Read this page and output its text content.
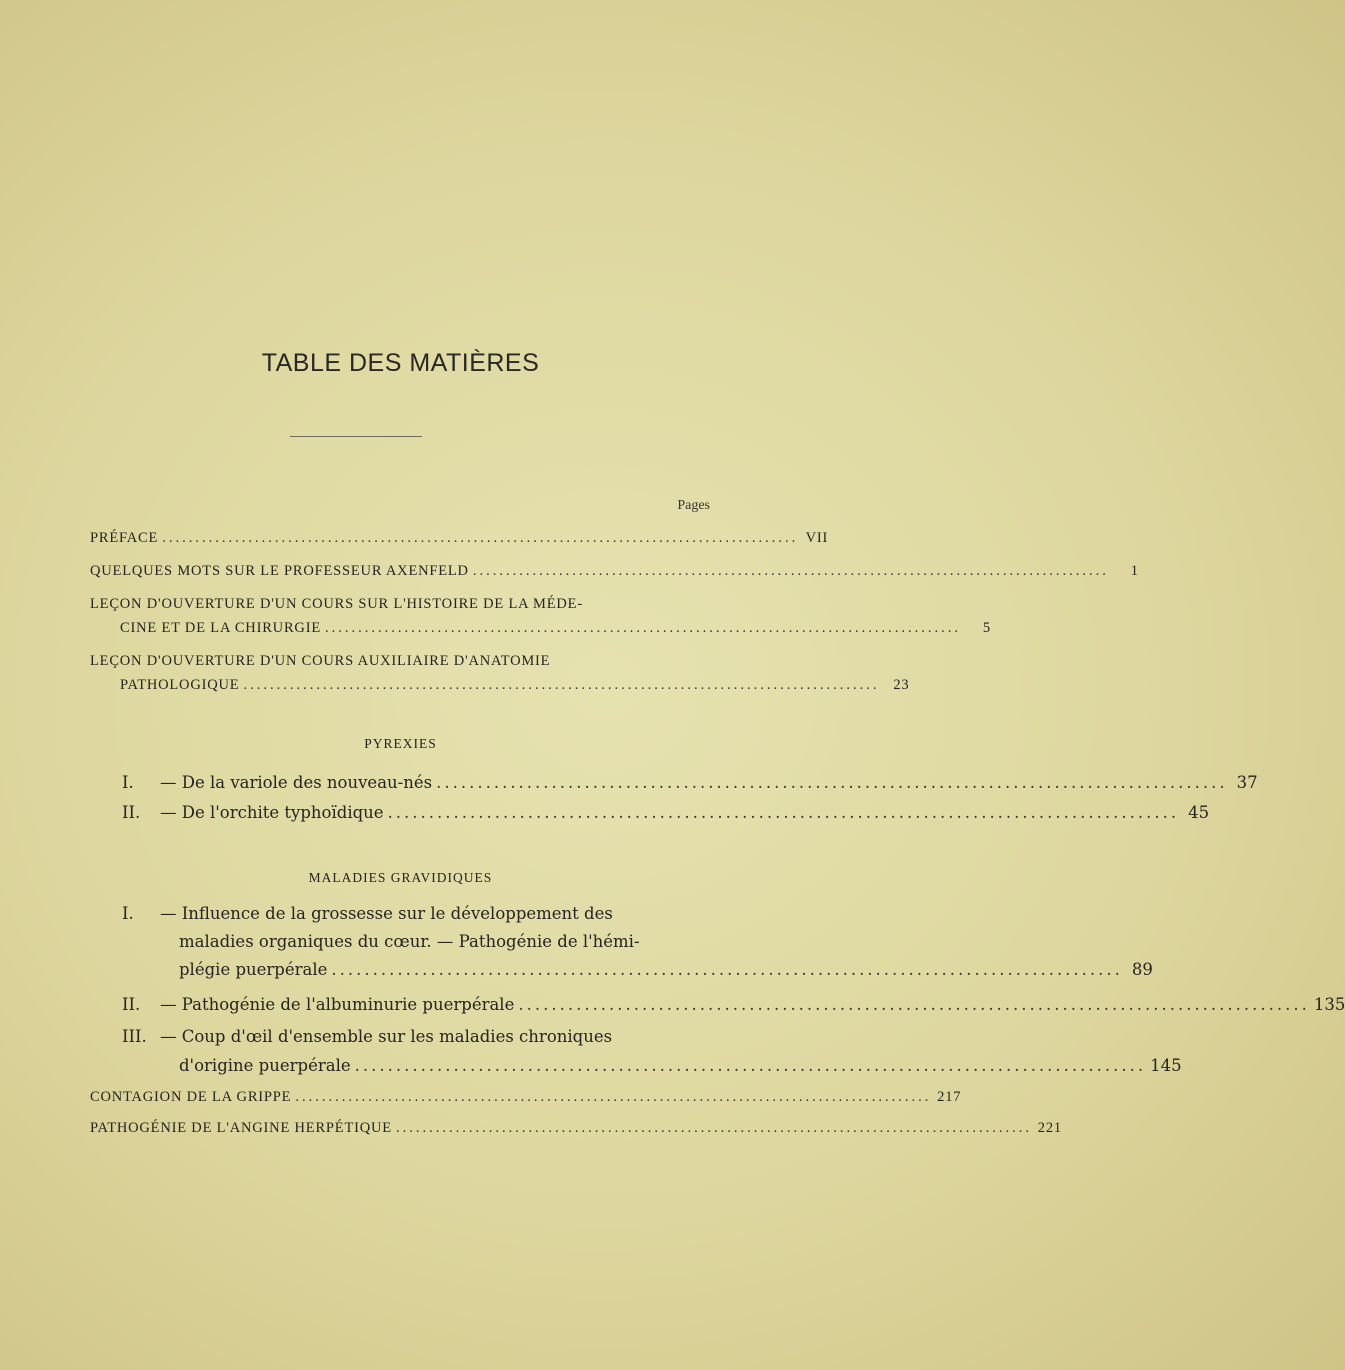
TABLE DES MATIÈRES
Pages
PRÉFACE ................................................................................................ VII
QUELQUES MOTS SUR LE PROFESSEUR AXENFELD ................................................................................................	1
LEÇON D'OUVERTURE D'UN COURS SUR L'HISTOIRE DE LA MÉDE-
CINE ET DE LA CHIRURGIE ................................................................................................	5
LEÇON D'OUVERTURE D'UN COURS AUXILIAIRE D'ANATOMIE
PATHOLOGIQUE ................................................................................................ 23
PYREXIES
I. — De la variole des nouveau-nés ................................................................................................ 37
II. — De l'orchite typhoïdique ................................................................................................ 45
MALADIES GRAVIDIQUES
I. — Influence de la grossesse sur le développement des
maladies organiques du cœur. — Pathogénie de l'hémi-
plégie puerpérale ................................................................................................ 89
II. — Pathogénie de l'albuminurie puerpérale ................................................................................................ 135
III. — Coup d'œil d'ensemble sur les maladies chroniques
d'origine puerpérale ................................................................................................ 145
CONTAGION DE LA GRIPPE ................................................................................................ 217
PATHOGÉNIE DE L'ANGINE HERPÉTIQUE ................................................................................................ 221
